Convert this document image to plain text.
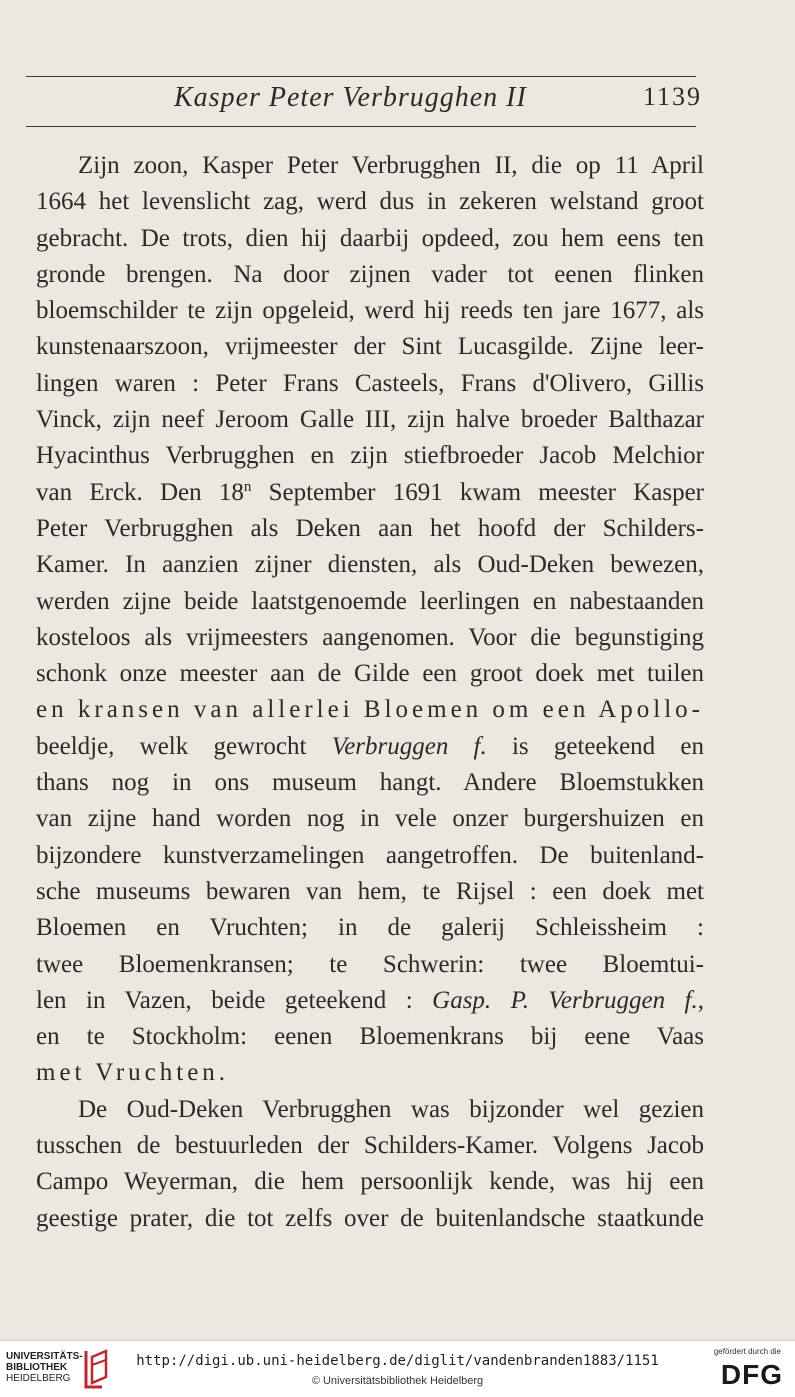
Kasper Peter Verbrugghen II	1139
Zijn zoon, Kasper Peter Verbrugghen II, die op 11 April
1664 het levenslicht zag, werd dus in zekeren welstand groot
gebracht. De trots, dien hij daarbij opdeed, zou hem eens ten
gronde brengen. Na door zijnen vader tot eenen flinken
bloemschilder te zijn opgeleid, werd hij reeds ten jare 1677, als
kunstenaarszoon, vrijmeester der Sint Lucasgilde. Zijne leer-
lingen waren : Peter Frans Casteels, Frans d'Olivero, Gillis
Vinck, zijn neef Jeroom Galle III, zijn halve broeder Balthazar
Hyacinthus Verbrugghen en zijn stiefbroeder Jacob Melchior
van Erck. Den 18$^n$ September 1691 kwam meester Kasper
Peter Verbrugghen als Deken aan het hoofd der Schilders-
Kamer. In aanzien zijner diensten, als Oud-Deken bewezen,
werden zijne beide laatstgenoemde leerlingen en nabestaanden
kosteloos als vrijmeesters aangenomen. Voor die begunstiging
schonk onze meester aan de Gilde een groot doek met tuilen
en kransen van allerlei Bloemen om een Apollo-
beeldje, welk gewrocht Verbruggen f. is geteekend en
thans nog in ons museum hangt. Andere Bloemstukken
van zijne hand worden nog in vele onzer burgershuizen en
bijzondere kunstverzamelingen aangetroffen. De buitenland-
sche museums bewaren van hem, te Rijsel : een doek met
Bloemen en Vruchten; in de galerij Schleissheim :
twee Bloemenkransen; te Schwerin: twee Bloemtui-
len in Vazen, beide geteekend : Gasp. P. Verbruggen f.,
en te Stockholm: eenen Bloemenkrans bij eene Vaas
met Vruchten.
De Oud-Deken Verbrugghen was bijzonder wel gezien
tusschen de bestuurleden der Schilders-Kamer. Volgens Jacob
Campo Weyerman, die hem persoonlijk kende, was hij een
geestige prater, die tot zelfs over de buitenlandsche staatkunde
UNIVERSITÄTS-
BIBLIOTHEK
HEIDELBERG
http://digi.ub.uni-heidelberg.de/diglit/vandenbranden1883/1151
© Universitätsbibliothek Heidelberg
gefördert durch die
DFG
